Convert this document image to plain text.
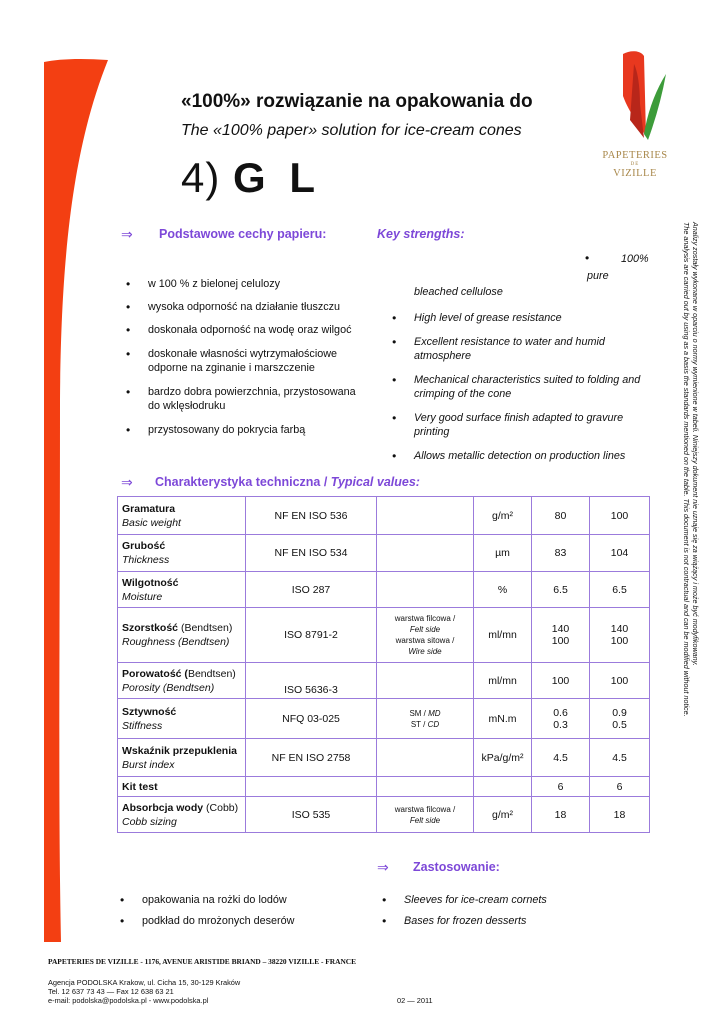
PAPETERIES
DE
VIZILLE
«100%» rozwiązanie na opakowania do
The «100% paper» solution for ice-cream cones
4) G L
Analizy zostały wykonane w oparciu o normy wymienione w tabeli. Niniejszy dokument nie uznaje się za wiążący i może być modyfikowany.
The analysis are carried out by using as a basis the standards mentioned on the table. This document is not contractual and can be modified without notice.
⇒ Podstawowe cechy papieru:	Key strengths:
• w 100 % z bielonej celulozy
• wysoka odporność na działanie tłuszczu
• doskonała odporność na wodę oraz wilgoć
• doskonałe własności wytrzymałościowe odporne na zginanie i marszczenie
• bardzo dobra powierzchnia, przystosowana do wklęsłodruku
• przystosowany do pokrycia farbą
•	100%
pure
bleached cellulose
• High level of grease resistance
• Excellent resistance to water and humid atmosphere
• Mechanical characteristics suited to folding and crimping of the cone
• Very good surface finish adapted to gravure printing
• Allows metallic detection on production lines
⇒ Charakterystyka techniczna / Typical values:
Gramatura
Basic weight	NF EN ISO 536		g/m²	80	100
Grubość
Thickness	NF EN ISO 534		µm	83	104
Wilgotność
Moisture	ISO 287		%	6.5	6.5
Szorstkość (Bendtsen)
Roughness (Bendtsen)	ISO 8791-2	warstwa filcowa /
Felt side
warstwa sitowa /
Wire side	ml/mn	140
100	140
100
Porowatość (Bendtsen)
Porosity (Bendtsen)	ISO 5636-3		ml/mn	100	100
Sztywność
Stiffness	NFQ 03-025	SM / MD
ST / CD	mN.m	0.6
0.3	0.9
0.5
Wskaźnik przepuklenia
Burst index	NF EN ISO 2758		kPa/g/m²	4.5	4.5
Kit test				6	6
Absorbcja wody (Cobb)
Cobb sizing	ISO 535	warstwa filcowa /
Felt side	g/m²	18	18
⇒ Zastosowanie:
• opakowania na rożki do lodów
• podkład do mrożonych deserów
• Sleeves for ice-cream cornets
• Bases for frozen desserts
PAPETERIES DE VIZILLE - 1176, AVENUE ARISTIDE BRIAND – 38220 VIZILLE - FRANCE
Agencja PODOLSKA Krakow, ul. Cicha 15, 30-129 Kraków
Tel. 12 637 73 43 — Fax 12 638 63 21
e-mail: podolska@podolska.pl - www.podolska.pl	02 — 2011
